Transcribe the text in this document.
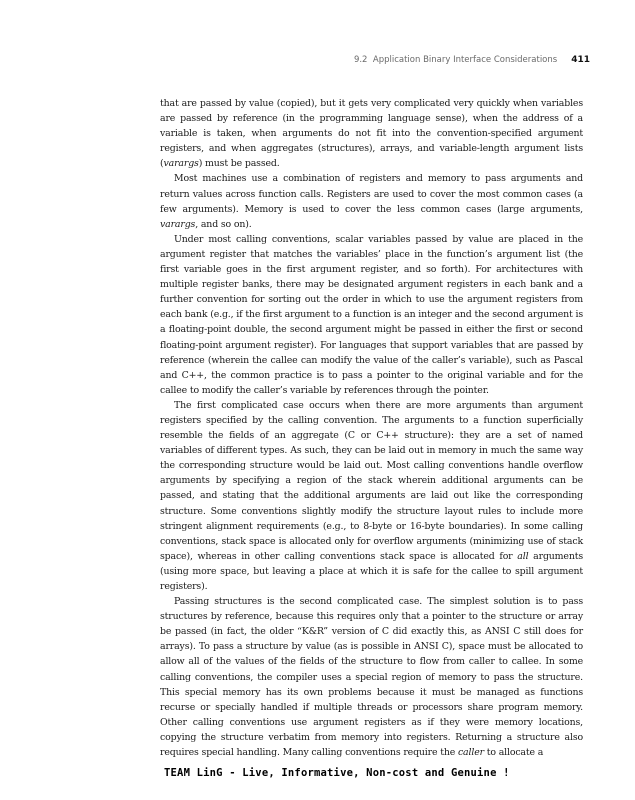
9.2
Application Binary Interface Considerations 411

that are passed by value (copied), but it gets very complicated very quickly when variables are passed by reference (in the programming language sense), when the address of a variable is taken, when arguments do not fit into the convention-specified argument registers, and when aggregates (structures), arrays, and variable-length argument lists (varargs) must be passed.

Most machines use a combination of registers and memory to pass arguments and return values across function calls. Registers are used to cover the most common cases (a few arguments). Memory is used to cover the less common cases (large arguments, varargs, and so on).

Under most calling conventions, scalar variables passed by value are placed in the argument register that matches the variables’ place in the function’s argument list (the first variable goes in the first argument register, and so forth). For architectures with multiple register banks, there may be designated argument registers in each bank and a further convention for sorting out the order in which to use the argument registers from each bank (e.g., if the first argument to a function is an integer and the second argument is a floating-point double, the second argument might be passed in either the first or second floating-point argument register). For languages that support variables that are passed by reference (wherein the callee can modify the value of the caller’s variable), such as Pascal and C++, the common practice is to pass a pointer to the original variable and for the callee to modify the caller’s variable by references through the pointer.

The first complicated case occurs when there are more arguments than argument registers specified by the calling convention. The arguments to a function superficially resemble the fields of an aggregate (C or C++ structure): they are a set of named variables of different types. As such, they can be laid out in memory in much the same way the corresponding structure would be laid out. Most calling conventions handle overflow arguments by specifying a region of the stack wherein additional arguments can be passed, and stating that the additional arguments are laid out like the corresponding structure. Some conventions slightly modify the structure layout rules to include more stringent alignment requirements (e.g., to 8-byte or 16-byte boundaries). In some calling conventions, stack space is allocated only for overflow arguments (minimizing use of stack space), whereas in other calling conventions stack space is allocated for all arguments (using more space, but leaving a place at which it is safe for the callee to spill argument registers).

Passing structures is the second complicated case. The simplest solution is to pass structures by reference, because this requires only that a pointer to the structure or array be passed (in fact, the older “K&R” version of C did exactly this, as ANSI C still does for arrays). To pass a structure by value (as is possible in ANSI C), space must be allocated to allow all of the values of the fields of the structure to flow from caller to callee. In some calling conventions, the compiler uses a special region of memory to pass the structure. This special memory has its own problems because it must be managed as functions recurse or specially handled if multiple threads or processors share program memory. Other calling conventions use argument registers as if they were memory locations, copying the structure verbatim from memory into registers. Returning a structure also requires special handling. Many calling conventions require the caller to allocate a

TEAM LinG - Live, Informative, Non-cost and Genuine !
